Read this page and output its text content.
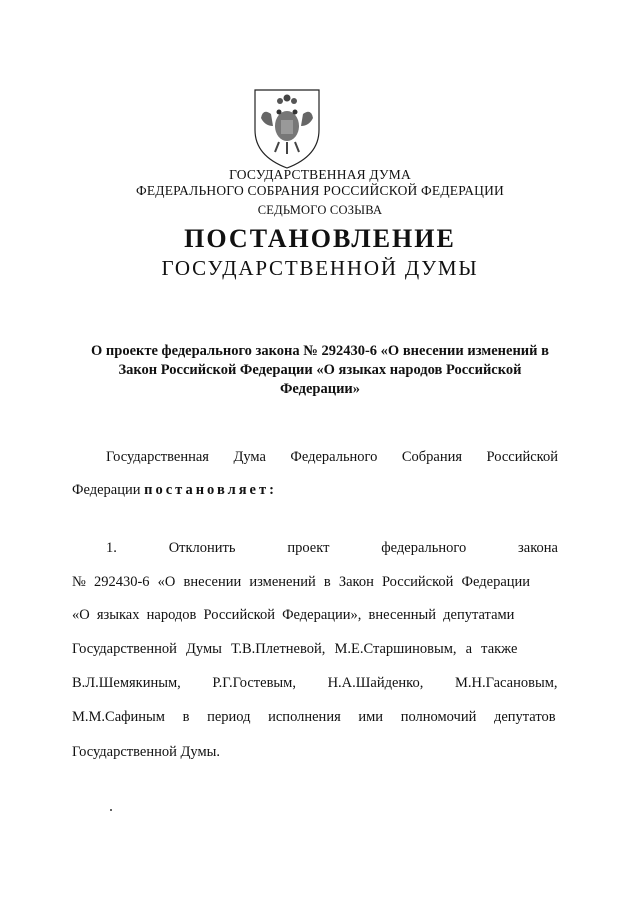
ГОСУДАРСТВЕННАЯ ДУМА
ФЕДЕРАЛЬНОГО СОБРАНИЯ РОССИЙСКОЙ ФЕДЕРАЦИИ
СЕДЬМОГО СОЗЫВА
ПОСТАНОВЛЕНИЕ
ГОСУДАРСТВЕННОЙ ДУМЫ
О проекте федерального закона № 292430-6 «О внесении изменений в
Закон Российской Федерации «О языках народов Российской
Федерации»
Государственная Дума Федерального Собрания Российской
Федерации постановляет:
1.	Отклонить	проект	федерального	закона
№ 292430-6 «О внесении изменений в Закон Российской Федерации
«О языках народов Российской Федерации», внесенный депутатами
Государственной Думы Т.В.Плетневой, М.Е.Старшиновым, а также
В.Л.Шемякиным, Р.Г.Гостевым, Н.А.Шайденко, М.Н.Гасановым,
М.М.Сафиным в период исполнения ими полномочий депутатов
Государственной Думы.
